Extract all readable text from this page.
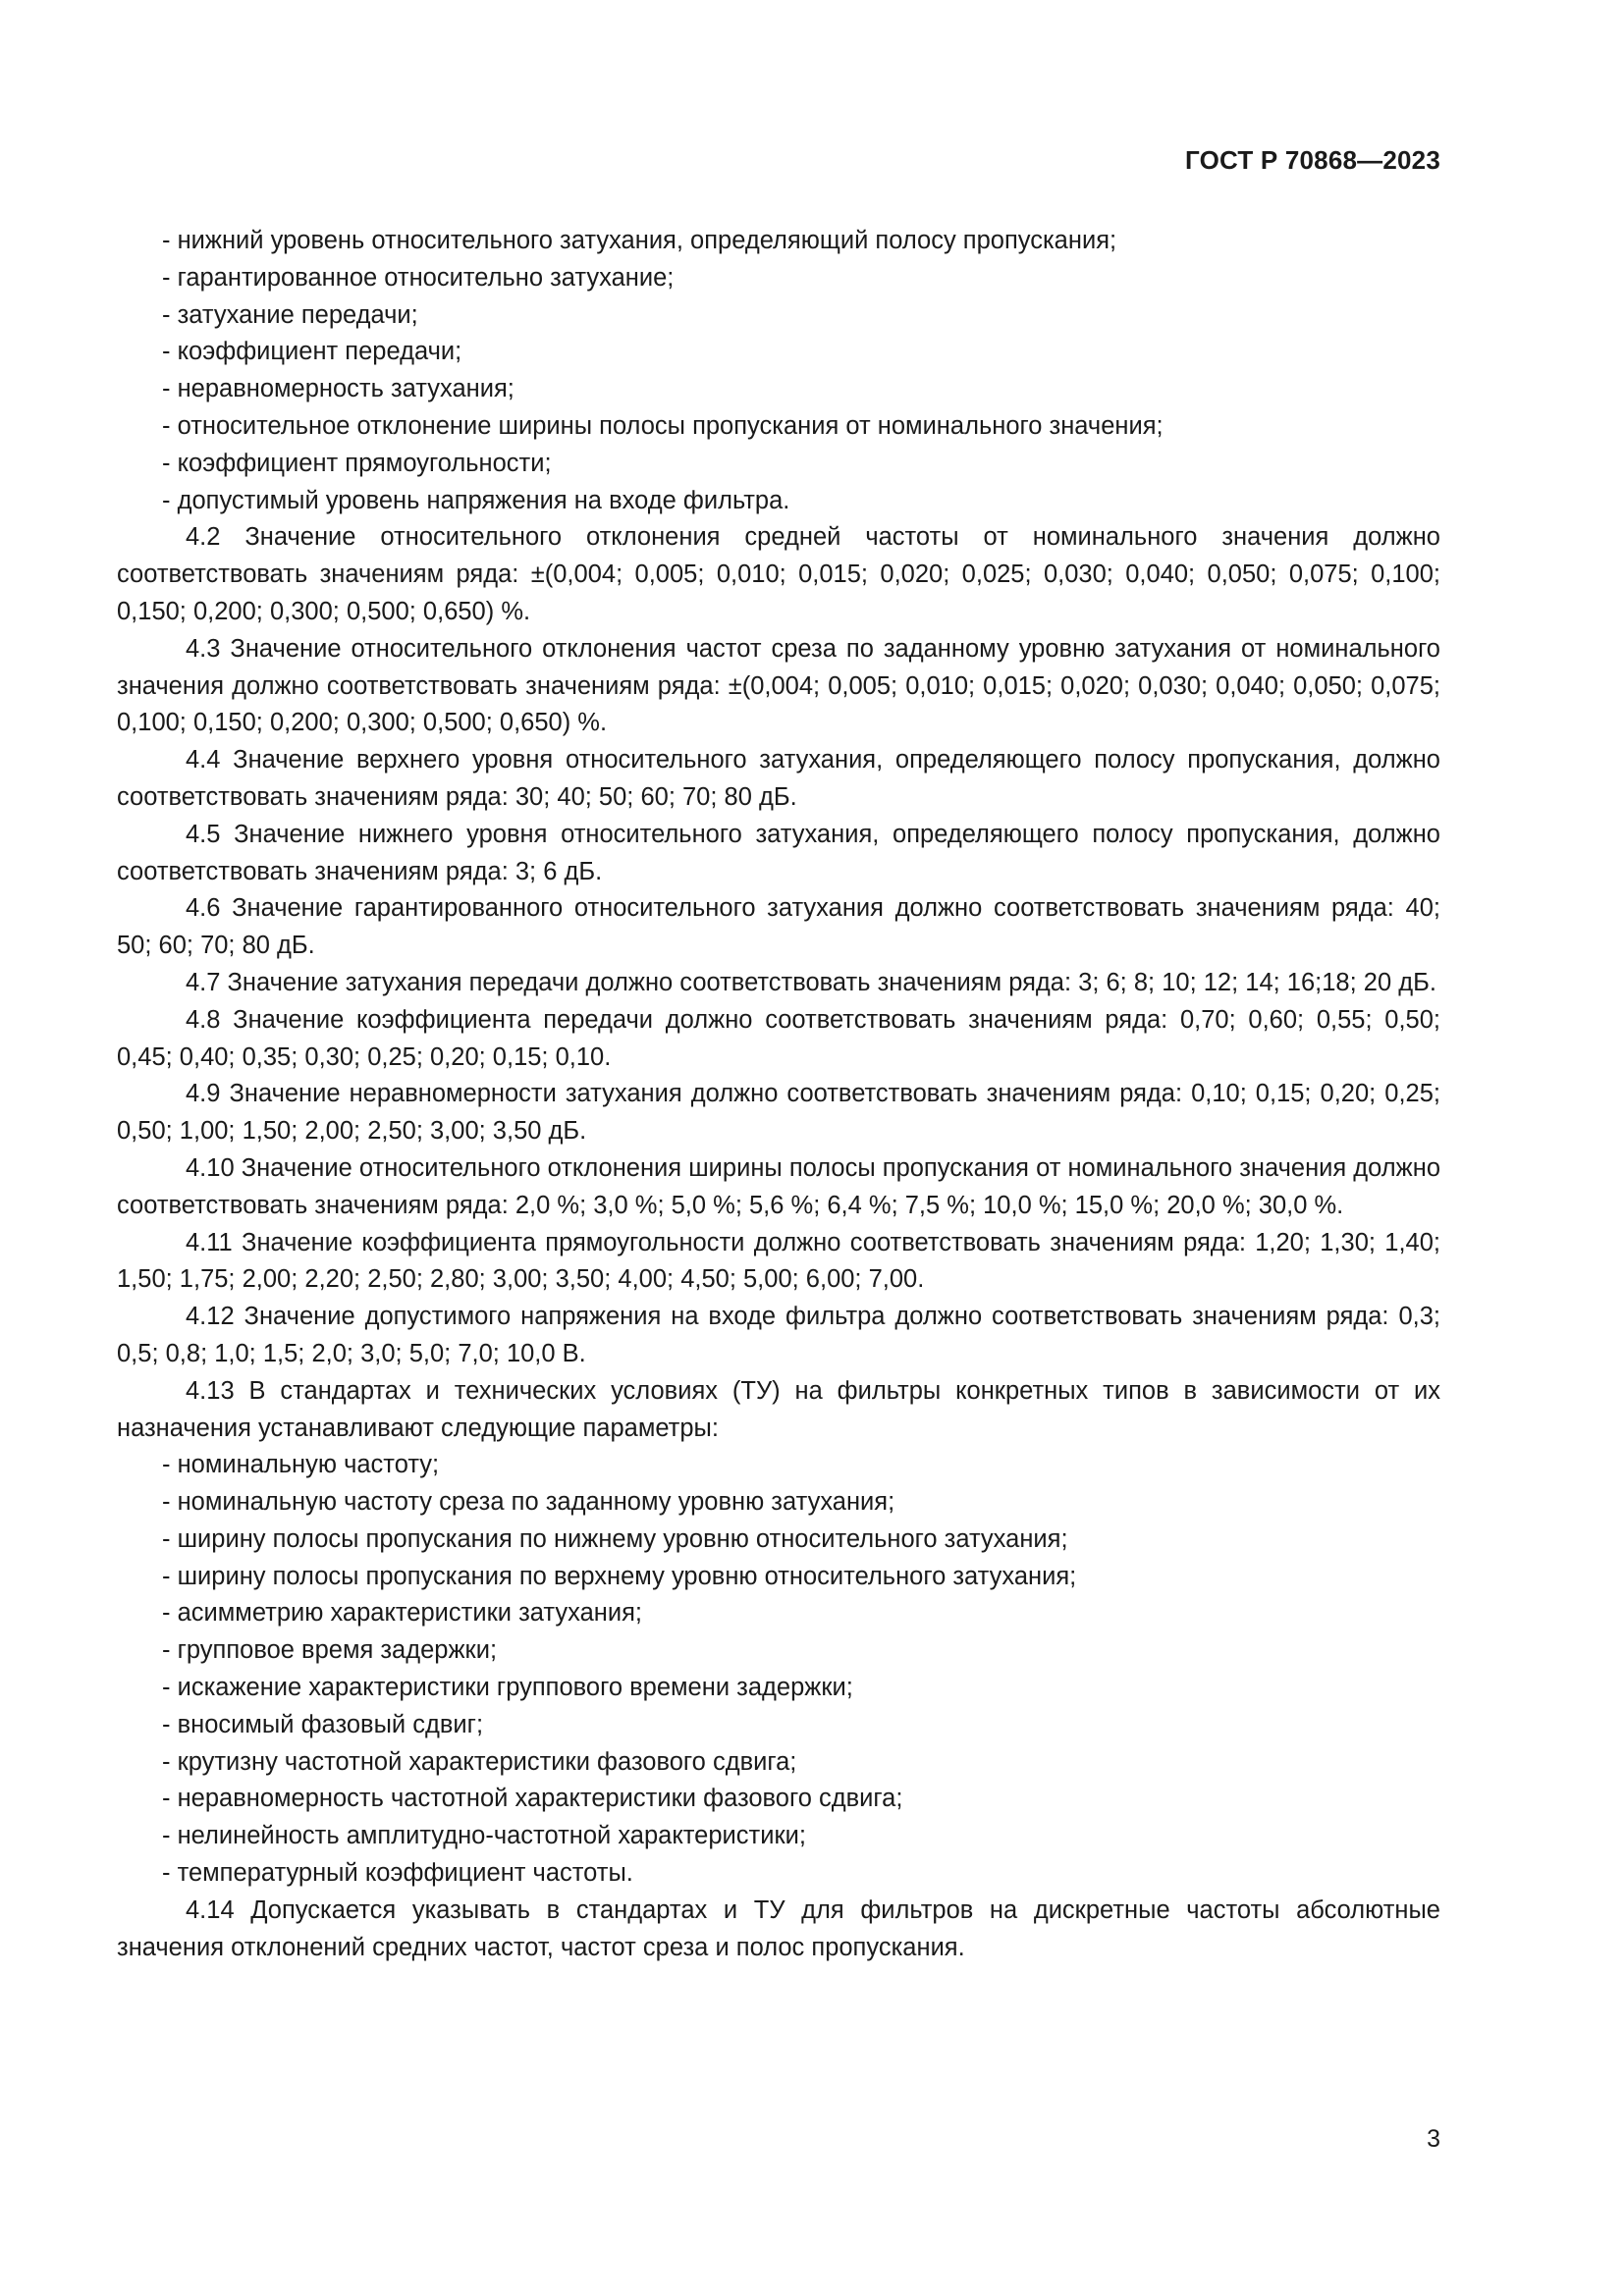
ГОСТ Р 70868—2023
- нижний уровень относительного затухания, определяющий полосу пропускания;
- гарантированное относительно затухание;
- затухание передачи;
- коэффициент передачи;
- неравномерность затухания;
- относительное отклонение ширины полосы пропускания от номинального значения;
- коэффициент прямоугольности;
- допустимый уровень напряжения на входе фильтра.
4.2 Значение относительного отклонения средней частоты от номинального значения должно соответствовать значениям ряда: ±(0,004; 0,005; 0,010; 0,015; 0,020; 0,025; 0,030; 0,040; 0,050; 0,075; 0,100; 0,150; 0,200; 0,300; 0,500; 0,650) %.
4.3 Значение относительного отклонения частот среза по заданному уровню затухания от номинального значения должно соответствовать значениям ряда: ±(0,004; 0,005; 0,010; 0,015; 0,020; 0,030; 0,040; 0,050; 0,075; 0,100; 0,150; 0,200; 0,300; 0,500; 0,650) %.
4.4 Значение верхнего уровня относительного затухания, определяющего полосу пропускания, должно соответствовать значениям ряда: 30; 40; 50; 60; 70; 80 дБ.
4.5 Значение нижнего уровня относительного затухания, определяющего полосу пропускания, должно соответствовать значениям ряда: 3; 6 дБ.
4.6 Значение гарантированного относительного затухания должно соответствовать значениям ряда: 40; 50; 60; 70; 80 дБ.
4.7 Значение затухания передачи должно соответствовать значениям ряда: 3; 6; 8; 10; 12; 14; 16;18; 20 дБ.
4.8 Значение коэффициента передачи должно соответствовать значениям ряда: 0,70; 0,60; 0,55; 0,50; 0,45; 0,40; 0,35; 0,30; 0,25; 0,20; 0,15; 0,10.
4.9 Значение неравномерности затухания должно соответствовать значениям ряда: 0,10; 0,15; 0,20; 0,25; 0,50; 1,00; 1,50; 2,00; 2,50; 3,00; 3,50 дБ.
4.10 Значение относительного отклонения ширины полосы пропускания от номинального значения должно соответствовать значениям ряда: 2,0 %; 3,0 %; 5,0 %; 5,6 %; 6,4 %; 7,5 %; 10,0 %; 15,0 %; 20,0 %; 30,0 %.
4.11 Значение коэффициента прямоугольности должно соответствовать значениям ряда: 1,20; 1,30; 1,40; 1,50; 1,75; 2,00; 2,20; 2,50; 2,80; 3,00; 3,50; 4,00; 4,50; 5,00; 6,00; 7,00.
4.12 Значение допустимого напряжения на входе фильтра должно соответствовать значениям ряда: 0,3; 0,5; 0,8; 1,0; 1,5; 2,0; 3,0; 5,0; 7,0; 10,0 В.
4.13 В стандартах и технических условиях (ТУ) на фильтры конкретных типов в зависимости от их назначения устанавливают следующие параметры:
- номинальную частоту;
- номинальную частоту среза по заданному уровню затухания;
- ширину полосы пропускания по нижнему уровню относительного затухания;
- ширину полосы пропускания по верхнему уровню относительного затухания;
- асимметрию характеристики затухания;
- групповое время задержки;
- искажение характеристики группового времени задержки;
- вносимый фазовый сдвиг;
- крутизну частотной характеристики фазового сдвига;
- неравномерность частотной характеристики фазового сдвига;
- нелинейность амплитудно-частотной характеристики;
- температурный коэффициент частоты.
4.14 Допускается указывать в стандартах и ТУ для фильтров на дискретные частоты абсолютные значения отклонений средних частот, частот среза и полос пропускания.
3
